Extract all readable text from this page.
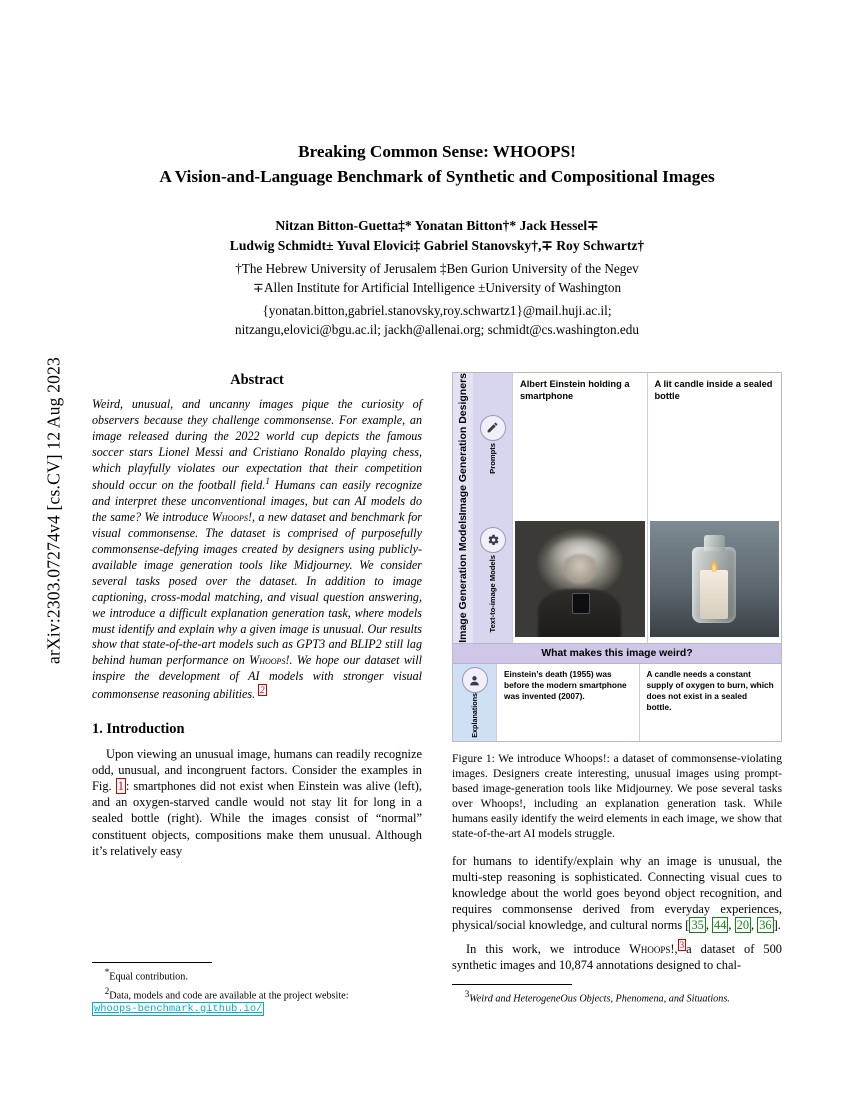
arXiv:2303.07274v4 [cs.CV] 12 Aug 2023
Breaking Common Sense: WHOOPS!
A Vision-and-Language Benchmark of Synthetic and Compositional Images
Nitzan Bitton-Guetta‡* Yonatan Bitton†* Jack Hessel∓
Ludwig Schmidt± Yuval Elovici‡ Gabriel Stanovsky†,∓ Roy Schwartz†
†The Hebrew University of Jerusalem ‡Ben Gurion University of the Negev
∓Allen Institute for Artificial Intelligence ±University of Washington
{yonatan.bitton,gabriel.stanovsky,roy.schwartz1}@mail.huji.ac.il;
nitzangu,elovici@bgu.ac.il; jackh@allenai.org; schmidt@cs.washington.edu
Abstract

Weird, unusual, and uncanny images pique the curiosity of observers because they challenge commonsense. For example, an image released during the 2022 world cup depicts the famous soccer stars Lionel Messi and Cristiano Ronaldo playing chess, which playfully violates our expectation that their competition should occur on the football field.$^1$ Humans can easily recognize and interpret these unconventional images, but can AI models do the same? We introduce Whoops!, a new dataset and benchmark for visual commonsense. The dataset is comprised of purposefully commonsense-defying images created by designers using publicly-available image generation tools like Midjourney. We consider several tasks posed over the dataset. In addition to image captioning, cross-modal matching, and visual question answering, we introduce a difficult explanation generation task, where models must identify and explain why a given image is unusual. Our results show that state-of-the-art models such as GPT3 and BLIP2 still lag behind human performance on Whoops!. We hope our dataset will inspire the development of AI models with stronger visual commonsense reasoning abilities. $^2$

1. Introduction

Upon viewing an unusual image, humans can readily recognize odd, unusual, and incongruent factors. Consider the examples in Fig. 1 : smartphones did not exist when Einstein was alive (left), and an oxygen-starved candle would not stay lit for long in a sealed bottle (right). While the images consist of “normal” constituent objects, compositions make them unusual. Although it’s relatively easy

*Equal contribution.

2Data, models and code are available at the project website:
whoops-benchmark.github.io/

Image Generation Designers	Prompts
Albert Einstein holding a smartphone
A lit candle inside a sealed bottle
Image Generation Models	Text-to-image Models
What makes this image weird?
Explanations
Einstein’s death (1955) was before the modern smartphone was invented (2007).
A candle needs a constant supply of oxygen to burn, which does not exist in a sealed bottle.

Figure 1: We introduce Whoops!: a dataset of commonsense-violating images. Designers create interesting, unusual images using prompt-based image-generation tools like Midjourney. We pose several tasks over Whoops!, including an explanation generation task. While humans easily identify the weird elements in each image, we show that state-of-the-art AI models struggle.

for humans to identify/explain why an image is unusual, the multi-step reasoning is sophisticated. Connecting visual cues to knowledge about the world goes beyond object recognition, and requires commonsense derived from everyday experiences, physical/social knowledge, and cultural norms [ 35 , 44 , 20 , 36 ].

In this work, we introduce Whoops!, $^3$ a dataset of 500 synthetic images and 10,874 annotations designed to chal-

3Weird and HeterogeneOus Objects, Phenomena, and Situations.
